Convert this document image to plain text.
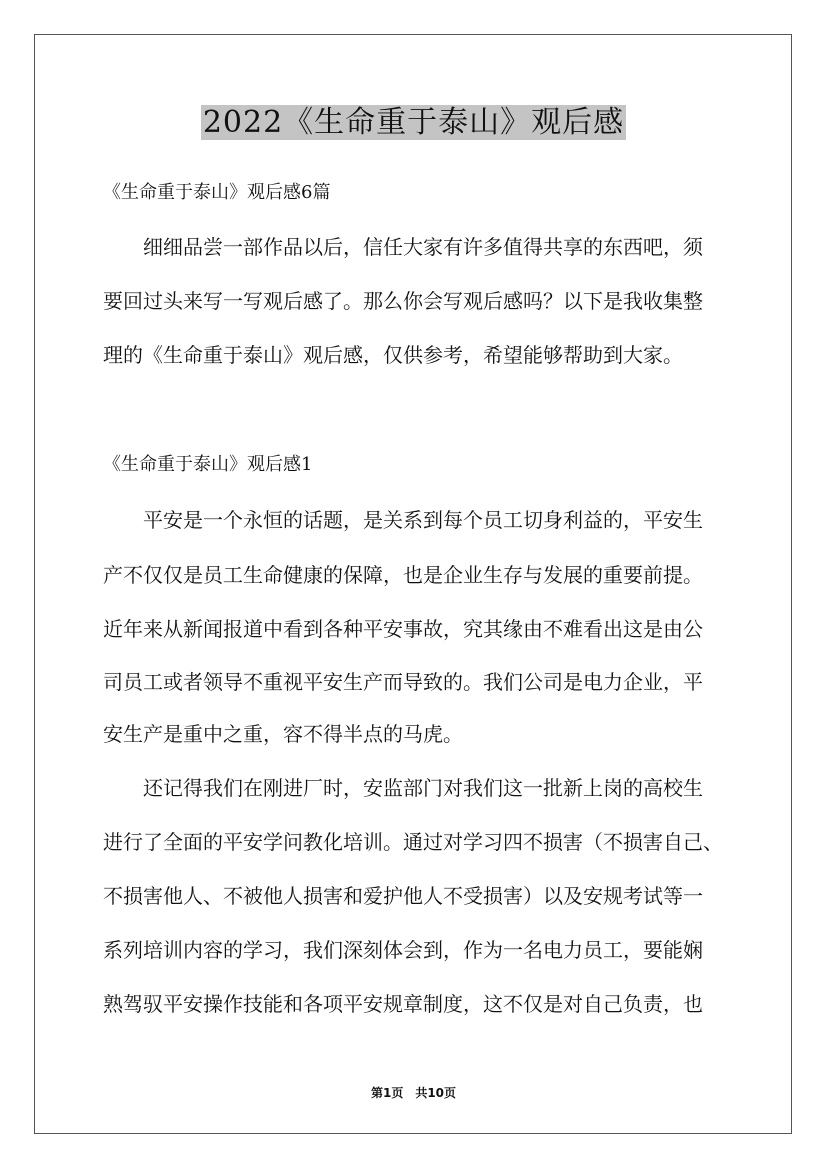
2022《生命重于泰山》观后感
《生命重于泰山》观后感6篇
细细品尝一部作品以后，信任大家有许多值得共享的东西吧，须
要回过头来写一写观后感了。那么你会写观后感吗？以下是我收集整
理的《生命重于泰山》观后感，仅供参考，希望能够帮助到大家。
《生命重于泰山》观后感1
平安是一个永恒的话题，是关系到每个员工切身利益的，平安生
产不仅仅是员工生命健康的保障，也是企业生存与发展的重要前提。
近年来从新闻报道中看到各种平安事故，究其缘由不难看出这是由公
司员工或者领导不重视平安生产而导致的。我们公司是电力企业，平
安生产是重中之重，容不得半点的马虎。
还记得我们在刚进厂时，安监部门对我们这一批新上岗的高校生
进行了全面的平安学问教化培训。通过对学习四不损害（不损害自己、
不损害他人、不被他人损害和爱护他人不受损害）以及安规考试等一
系列培训内容的学习，我们深刻体会到，作为一名电力员工，要能娴
熟驾驭平安操作技能和各项平安规章制度，这不仅是对自己负责，也
第1页　共10页
